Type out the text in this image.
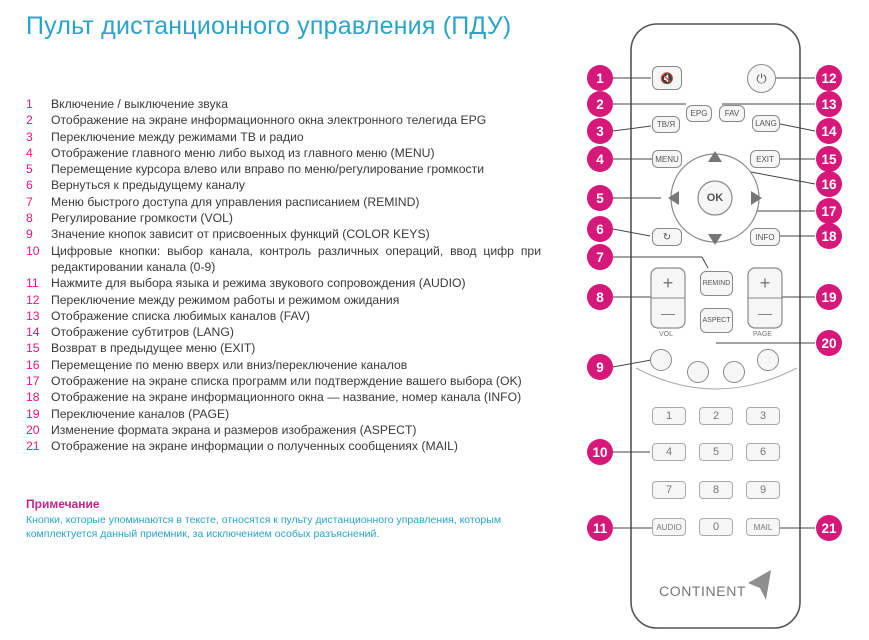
Пульт дистанционного управления (ПДУ)
1	Включение / выключение звука
2	Отображение на экране информационного окна электронного телегида EPG
3	Переключение между режимами ТВ и радио
4	Отображение главного меню либо выход из главного меню (MENU)
5	Перемещение курсора влево или вправо по меню/регулирование громкости
6	Вернуться к предыдущему каналу
7	Меню быстрого доступа для управления расписанием (REMIND)
8	Регулирование громкости (VOL)
9	Значение кнопок зависит от присвоенных функций (COLOR KEYS)
10 Цифровые кнопки: выбор канала, контроль различных операций, ввод цифр при редактировании канала (0-9)
11	Нажмите для выбора языка и режима звукового сопровождения (AUDIO)
12 Переключение между режимом работы и режимом ожидания
13 Отображение списка любимых каналов (FAV)
14 Отображение субтитров (LANG)
15 Возврат в предыдущее меню (EXIT)
16 Перемещение по меню вверх или вниз/переключение каналов
17 Отображение на экране списка программ или подтверждение вашего выбора (OK)
18 Отображение на экране информационного окна — название, номер канала (INFO)
19 Переключение каналов (PAGE)
20 Изменение формата экрана и размеров изображения (ASPECT)
21 Отображение на экране информации о полученных сообщениях (MAIL)
Примечание
Кнопки, которые упоминаются в тексте, относятся к пульту дистанционного управления, которым комплектуется данный приемник, за исключением особых разъяснений.
🔇	⏻
EPG	FAV
ТВ/Я	LANG
MENU	EXIT
OK
↻	INFO
REMIND
ASPECT
+
—
VOL
+
—
PAGE
1	2	3
4	5	6
7	8	9
AUDIO	0	MAIL
CONTINENT
1
2
3
4
5
6
7
8
9
10
11
12
13
14
15
16
17
18
19
20
21
